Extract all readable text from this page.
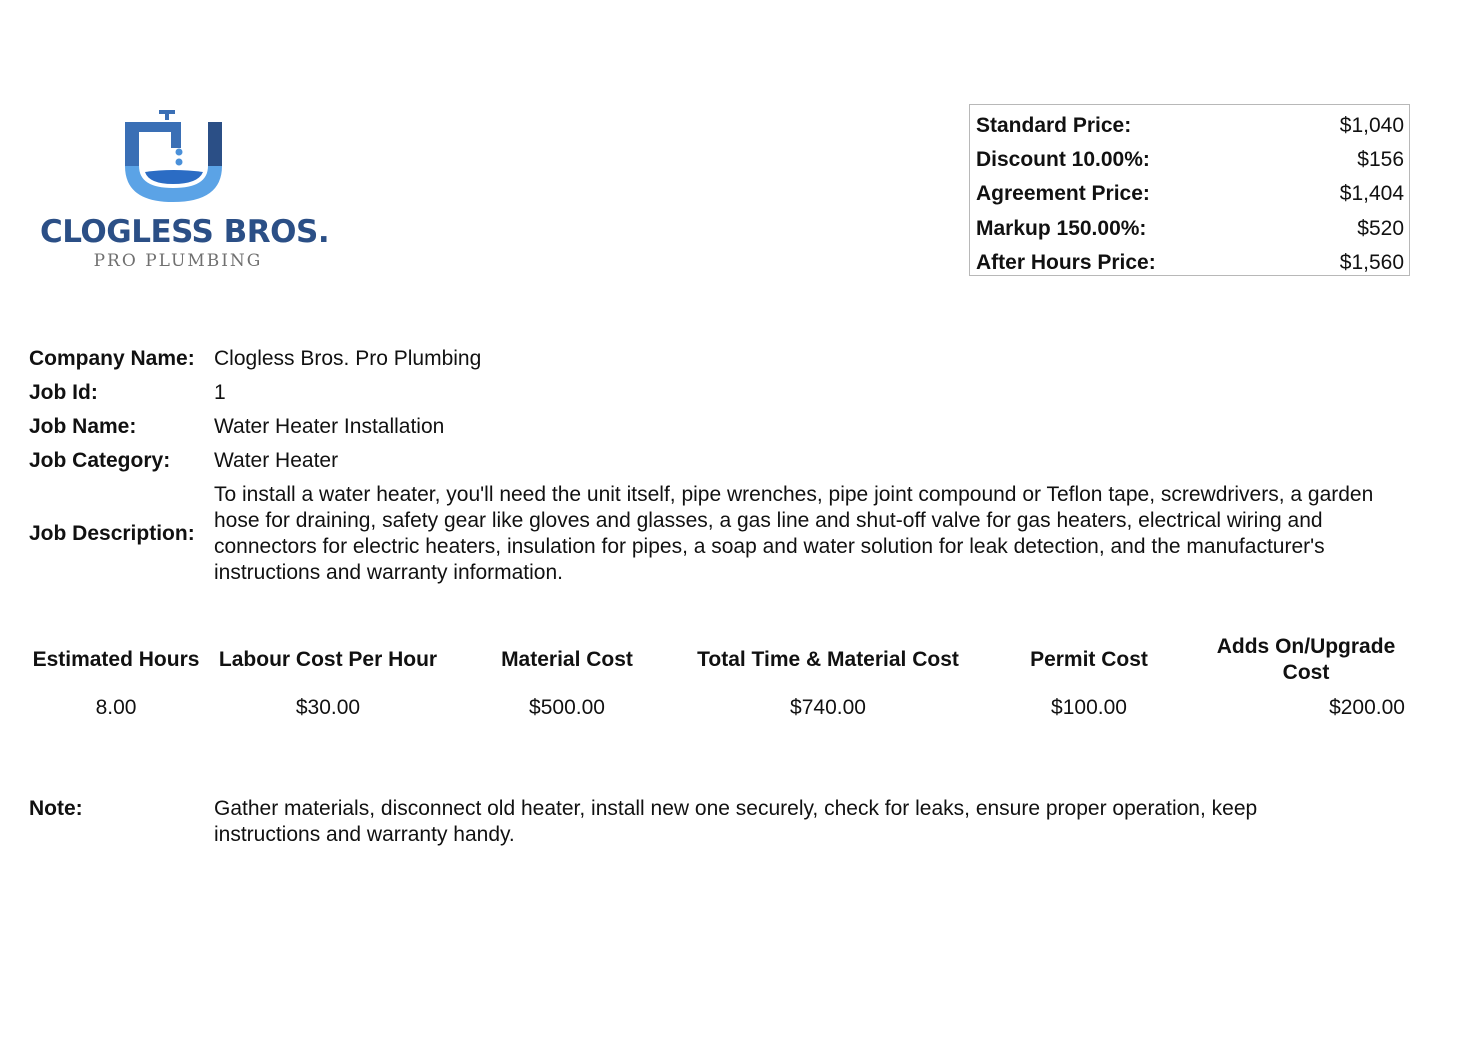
CLOGLESS BROS.
PRO PLUMBING
Standard Price:	$1,040
Discount 10.00%:	$156
Agreement Price:	$1,404
Markup 150.00%:	$520
After Hours Price:	$1,560
Company Name: Clogless Bros. Pro Plumbing
Job Id:	1
Job Name:	Water Heater Installation
Job Category:	Water Heater
Job Description:
To install a water heater, you'll need the unit itself, pipe wrenches, pipe joint compound or Teflon tape, screwdrivers, a garden hose for draining, safety gear like gloves and glasses, a gas line and shut-off valve for gas heaters, electrical wiring and connectors for electric heaters, insulation for pipes, a soap and water solution for leak detection, and the manufacturer's instructions and warranty information.
Estimated Hours	Labour Cost Per Hour	Material Cost	Total Time & Material Cost	Permit Cost	Adds On/Upgrade Cost
8.00	$30.00	$500.00	$740.00	$100.00	$200.00
Note:	Gather materials, disconnect old heater, install new one securely, check for leaks, ensure proper operation, keep instructions and warranty handy.
